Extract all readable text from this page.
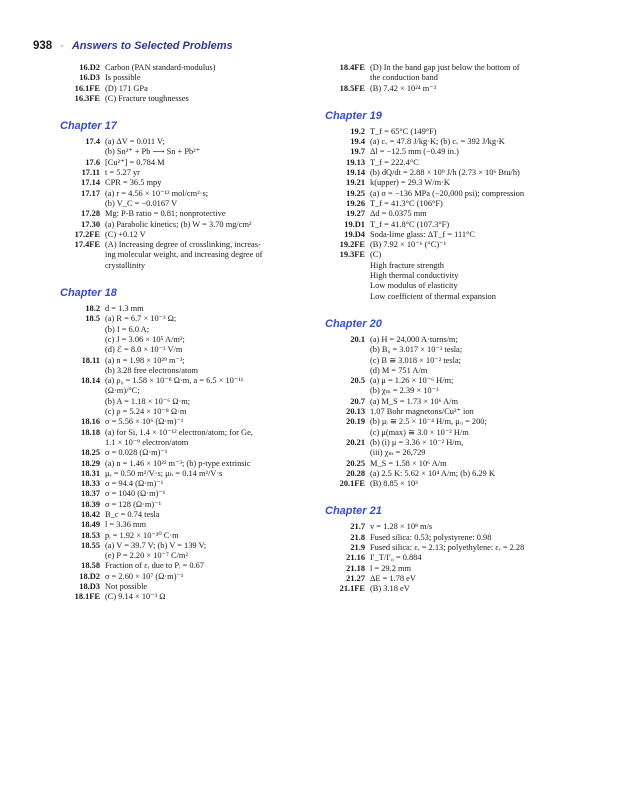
938 · Answers to Selected Problems
16.D2 Carbon (PAN standard-modulus)
16.D3 Is possible
16.1FE (D) 171 GPa
16.3FE (C) Fracture toughnesses
Chapter 17
17.4 (a) ΔV = 0.011 V;
(b) Sn²⁺ + Pb ⟶ Sn + Pb²⁺
17.6 [Cu²⁺] = 0.784 M
17.11 t = 5.27 yr
17.14 CPR = 36.5 mpy
17.17 (a) r = 4.56 × 10⁻¹² mol/cm²·s;
(b) V_C = −0.0167 V
17.28 Mg: P-B ratio = 0.81; nonprotective
17.30 (a) Parabolic kinetics; (b) W = 3.70 mg/cm²
17.2FE (C) +0.12 V
17.4FE (A) Increasing degree of crosslinking, increas-
ing molecular weight, and increasing degree of
crystallinity
Chapter 18
18.2 d = 1.3 mm
18.5 (a) R = 6.7 × 10⁻³ Ω;
(b) I = 6.0 A;
(c) J = 3.06 × 10⁵ A/m²;
(d) ℰ = 8.0 × 10⁻³ V/m
18.11 (a) n = 1.98 × 10²⁹ m⁻³;
(b) 3.28 free electrons/atom
18.14 (a) ρ₀ = 1.58 × 10⁻⁸ Ω·m, a = 6.5 × 10⁻¹¹
(Ω·m)/°C;
(b) A = 1.18 × 10⁻⁶ Ω·m;
(c) ρ = 5.24 × 10⁻⁸ Ω·m
18.16 σ = 5.56 × 10⁶ (Ω·m)⁻¹
18.18 (a) for Si, 1.4 × 10⁻¹² electron/atom; for Ge,
1.1 × 10⁻⁹ electron/atom
18.25 σ = 0.028 (Ω·m)⁻¹
18.29 (a) n = 1.46 × 10²² m⁻³; (b) p-type extrinsic
18.31 μₑ = 0.50 m²/V·s; μₕ = 0.14 m²/V·s
18.33 σ = 94.4 (Ω·m)⁻¹
18.37 σ = 1040 (Ω·m)⁻¹
18.39 σ = 128 (Ω·m)⁻¹
18.42 B_c = 0.74 tesla
18.49 l = 3.36 mm
18.53 pᵢ = 1.92 × 10⁻³⁰ C·m
18.55 (a) V = 39.7 V; (b) V = 139 V;
(e) P = 2.20 × 10⁻⁷ C/m²
18.58 Fraction of εᵣ due to Pᵢ = 0.67
18.D2 σ = 2.60 × 10⁷ (Ω·m)⁻¹
18.D3 Not possible
18.1FE (C) 9.14 × 10⁻³ Ω
18.4FE (D) In the band gap just below the bottom of
the conduction band
18.5FE (B) 7.42 × 10²⁴ m⁻³
Chapter 19
19.2 T_f = 65°C (149°F)
19.4 (a) cᵥ = 47.8 J/kg·K; (b) cᵥ = 392 J/kg·K
19.7 Δl = −12.5 mm (−0.49 in.)
19.13 T_f = 222.4°C
19.14 (b) dQ/dt = 2.88 × 10⁹ J/h (2.73 × 10⁶ Btu/h)
19.21 k(upper) = 29.3 W/m·K
19.25 (a) σ = −136 MPa (−20,000 psi); compression
19.26 T_f = 41.3°C (106°F)
19.27 Δd = 0.0375 mm
19.D1 T_f = 41.8°C (107.3°F)
19.D4 Soda-lime glass: ΔT_f = 111°C
19.2FE (B) 7.92 × 10⁻⁶ (°C)⁻¹
19.3FE (C)
High fracture strength
High thermal conductivity
Low modulus of elasticity
Low coefficient of thermal expansion
Chapter 20
20.1 (a) H = 24,000 A·turns/m;
(b) B₀ = 3.017 × 10⁻² tesla;
(c) B ≅ 3.018 × 10⁻² tesla;
(d) M = 751 A/m
20.5 (a) μ = 1.26 × 10⁻⁶ H/m;
(b) χₘ = 2.39 × 10⁻³
20.7 (a) M_S = 1.73 × 10⁶ A/m
20.13 1.07 Bohr magnetons/Cu²⁺ ion
20.19 (b) μᵢ ≅ 2.5 × 10⁻⁴ H/m, μᵣᵢ = 200;
(c) μ(max) ≅ 3.0 × 10⁻² H/m
20.21 (b) (i) μ = 3.36 × 10⁻² H/m,
(iii) χₘ = 26,729
20.25 M_S = 1.58 × 10⁶ A/m
20.28 (a) 2.5 K: 5.62 × 10⁴ A/m; (b) 6.29 K
20.1FE (B) 8.85 × 10³
Chapter 21
21.7 v = 1.28 × 10⁸ m/s
21.8 Fused silica: 0.53; polystyrene: 0.98
21.9 Fused silica: εᵣ = 2.13; polyethylene: εᵣ = 2.28
21.16 I′_T/I′₀ = 0.884
21.18 l = 29.2 mm
21.27 ΔE = 1.78 eV
21.1FE (B) 3.18 eV
